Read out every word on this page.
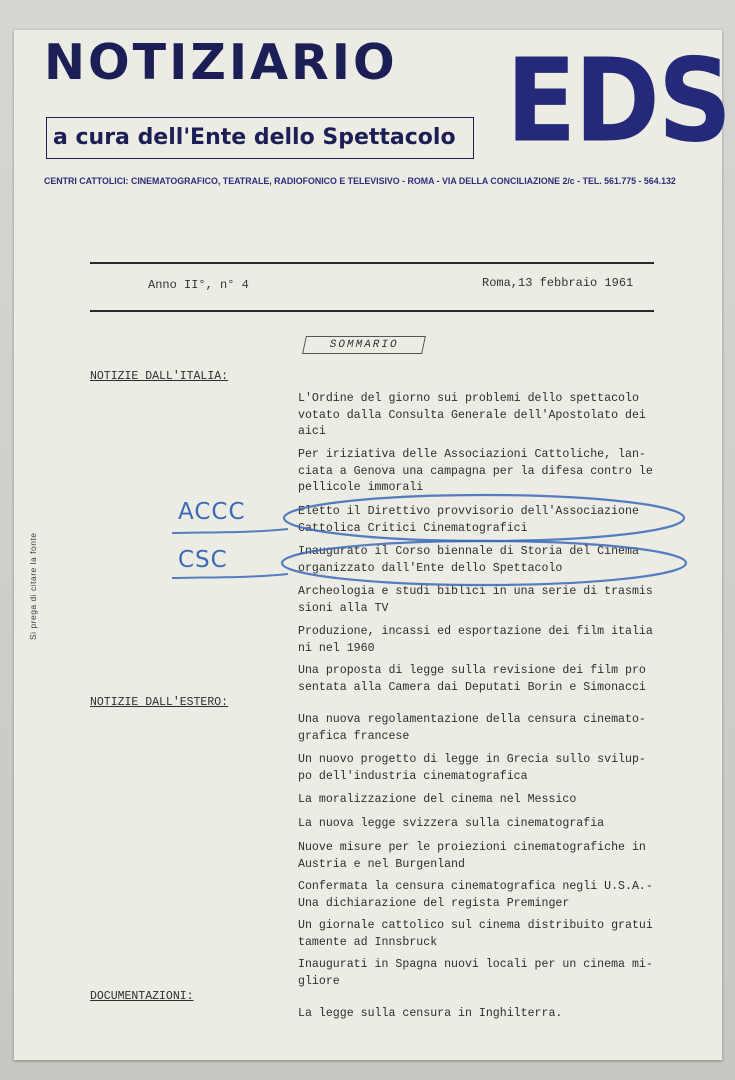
NOTIZIARIO EDS
a cura dell'Ente dello Spettacolo
CENTRI CATTOLICI: CINEMATOGRAFICO, TEATRALE, RADIOFONICO E TELEVISIVO - ROMA - VIA DELLA CONCILIAZIONE 2/c - TEL. 561.775 - 564.132
Anno II°, n° 4	Roma,13 febbraio 1961
SOMMARIO
Si prega di citare la fonte
NOTIZIE DALL'ITALIA:
NOTIZIE DALL'ESTERO:
DOCUMENTAZIONI:
L'Ordine del giorno sui problemi dello spettacolo
votato dalla Consulta Generale dell'Apostolato dei
aici
Per iriziativa delle Associazioni Cattoliche, lan-
ciata a Genova una campagna per la difesa contro le
pellicole immorali
Eletto il Direttivo provvisorio dell'Associazione
Cattolica Critici Cinematografici
Inaugurato il Corso biennale di Storia del Cinema
organizzato dall'Ente dello Spettacolo
Archeologia e studi biblici in una serie di trasmis
sioni alla TV
Produzione, incassi ed esportazione dei film italia
ni nel 1960
Una proposta di legge sulla revisione dei film pro
sentata alla Camera dai Deputati Borin e Simonacci
Una nuova regolamentazione della censura cinemato-
grafica francese
Un nuovo progetto di legge in Grecia sullo svilup-
po dell'industria cinematografica
La moralizzazione del cinema nel Messico
La nuova legge svizzera sulla cinematografia
Nuove misure per le proiezioni cinematografiche in
Austria e nel Burgenland
Confermata la censura cinematografica negli U.S.A.-
Una dichiarazione del regista Preminger
Un giornale cattolico sul cinema distribuito gratui
tamente ad Innsbruck
Inaugurati in Spagna nuovi locali per un cinema mi-
gliore
La legge sulla censura in Inghilterra.
ACCC
CSC
